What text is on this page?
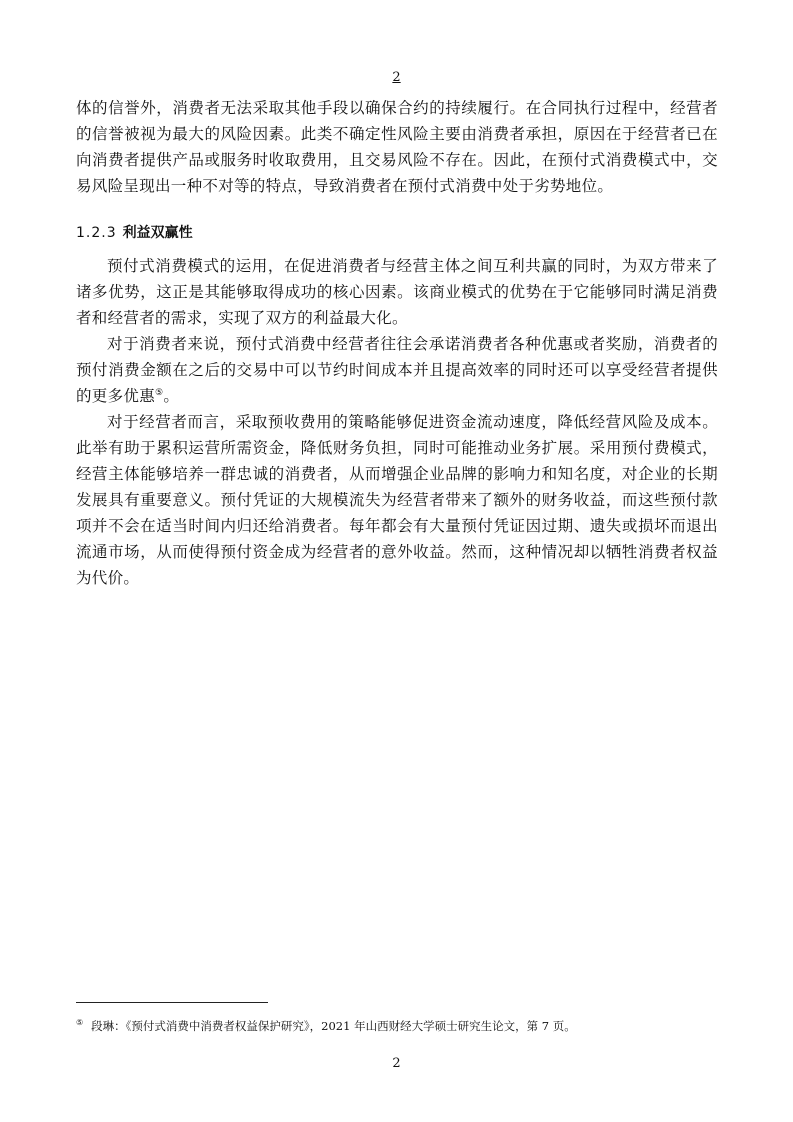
2

体的信誉外，消费者无法采取其他手段以确保合约的持续履行。在合同执行过程中，经营者的信誉被视为最大的风险因素。此类不确定性风险主要由消费者承担，原因在于经营者已在向消费者提供产品或服务时收取费用，且交易风险不存在。因此，在预付式消费模式中，交易风险呈现出一种不对等的特点，导致消费者在预付式消费中处于劣势地位。

1.2.3 利益双赢性

预付式消费模式的运用，在促进消费者与经营主体之间互利共赢的同时，为双方带来了诸多优势，这正是其能够取得成功的核心因素。该商业模式的优势在于它能够同时满足消费者和经营者的需求，实现了双方的利益最大化。

对于消费者来说，预付式消费中经营者往往会承诺消费者各种优惠或者奖励，消费者的预付消费金额在之后的交易中可以节约时间成本并且提高效率的同时还可以享受经营者提供的更多优惠⑤。

对于经营者而言，采取预收费用的策略能够促进资金流动速度，降低经营风险及成本。此举有助于累积运营所需资金，降低财务负担，同时可能推动业务扩展。采用预付费模式，经营主体能够培养一群忠诚的消费者，从而增强企业品牌的影响力和知名度，对企业的长期发展具有重要意义。预付凭证的大规模流失为经营者带来了额外的财务收益，而这些预付款项并不会在适当时间内归还给消费者。每年都会有大量预付凭证因过期、遗失或损坏而退出流通市场，从而使得预付资金成为经营者的意外收益。然而，这种情况却以牺牲消费者权益为代价。

⑤ 段琳：《预付式消费中消费者权益保护研究》，2021 年山西财经大学硕士研究生论文，第 7 页。
2
